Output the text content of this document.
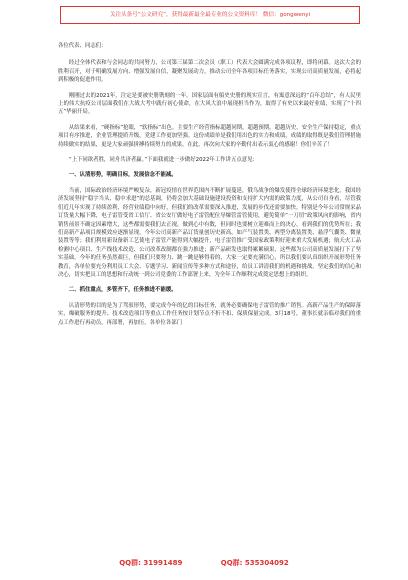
关注头条号“公文研究”，获得最新最全最专业的公文资料库！ 微信：gongwenyi

各位代表、同志们：

经过全体代表和与会同志的共同努力，公司第三届第二次会员（职工）代表大会圆满完成各项议程，即将闭幕。这次大会的胜利召开，对于明确发展方向、增强发展自信，凝聚发展动力，推动公司全年各项目标任务落实，实现公司高质量发展，必将起到积极的促进作用。

刚刚过去的2021年，注定是要被史册镌刻的一年。国家层面有船史史册的现实宣言，有寓意深远的“百年总结”，有人民里上的伟大抗疫公司层面我们在大战大考中践行初心使命，在大风大浪中展现担当作为，取得了有史以来最好业绩，实现了“十四五”华丽开局。

从结果来看，“硬指标”抢眼，“软指标”出色。主要生产经营指标超越同期，超越预期，超越历史，安全生产保持稳定，重点项目有序推进，企业管理提质升级，党建工作更加坚强。这份成绩单是我们用出色的实力和成绩，成绩的取得既是我们管理措施持续做实的结果，更是大家顽强拼搏持续努力的成果。在此，再次向大家的辛勤付出表示衷心的感谢！你们辛苦了！

“上下同欲者胜，同舟共济者赢。”下面我就进一步做好2022年工作讲五点意见：

一、认清形势，明确目标，发展信念不能减。

当前，国际政治经济环境严峻复杂，新冠疫情在世界范围内不断扩展蔓延，俄乌战争的爆发使得全球经济环境恶化。我国经济发展坚持“稳字当头、稳中求进”的总基调，仍将会加大基础设施建设投资和支持扩大内需的政策力度，从公司自身看，尽管我们近几年实现了持续盈利，经营业绩稳中向好，但我们的改革需要深入推进，发展的步伐还需要加快，特别是今年公司常规采品订货量大幅下降，电子雷管受省工信厅、省公安厅做好电子雷管配位导爆管雷管使用，避免简单“一刀切”政策风向的影响，省内销售前景不确定因素增大，这些都需要我们去正视，做到心中有数，但同时也要树立迎难而上的决心，看到我们的优势所在；我们高新产品项目规模效应逐渐显现，今年公司高新产品订货量创历史新高，如产气装置类、两型分离装置类、悬浮气囊类、微量装置等等；我们利用新设备新工艺使电子雷管产能得到大幅提升，电子雷管推广受国家政策利好迎来重大发展机遇；航天火工品检测中心项目、生产线技术改造、公司改革改制都在强力推进；新产品研发也取得累累硕果，这些都为公司高质量发展打下了坚实基础。今年的任务虽然艰巨，但我们只要努力、跳一跳是够得着的，大家一定要充满信心，所以我们要认真组织开展形势任务教育，各单位要充分利用员工大会、专题学习、新闻宣传等多种方式和途径，给员工讲清我们的机遇和挑战，坚定我们的信心和决心，切实把员工的思想和行动统一到公司党委的工作部署上来，为全年工作顺利完成奠定思想上的组织。

二、抓住重点，多管齐下，任务推进不能缓。

认清形势的目的是为了驾驭形势，要完成今年的亿的目标任务，就务必要确保电子雷管的推广销售。高新产品生产的保障落实，爆破服务的提升、技术改造项目等重点工作任务按计划节点不折不扣、保质保量完成。3月18号，董事长就亲临对我们的重点工作进行再动员，再部署，再加压，各单位各部门

QQ群: 31991489	QQ群: 535304092
